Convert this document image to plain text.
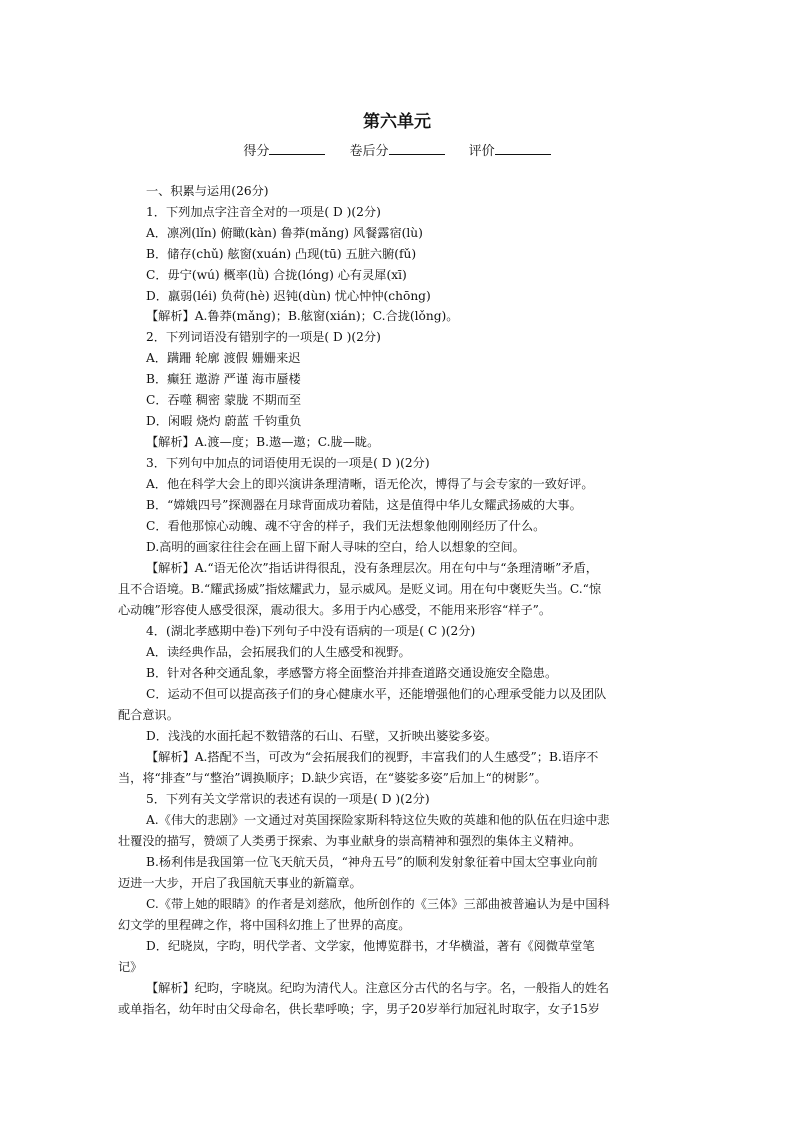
第六单元
得分	卷后分	评价
一、积累与运用(26分)
1．下列加点字注音全对的一项是( D )(2分)
A．凛冽(lǐn) 俯瞰(kàn) 鲁莽(mǎng) 风餐露宿(lù)
B．储存(chǔ) 舷窗(xuán) 凸现(tū) 五脏六腑(fǔ)
C．毋宁(wú) 概率(lǜ) 合拢(lóng) 心有灵犀(xī)
D．羸弱(léi) 负荷(hè) 迟钝(dùn) 忧心忡忡(chōng)
【解析】A.鲁莽(mǎng)；B.舷窗(xián)；C.合拢(lǒng)。
2．下列词语没有错别字的一项是( D )(2分)
A．蹒跚 轮廓 渡假 姗姗来迟
B．癫狂 遨游 严谨 海市蜃楼
C．吞噬 稠密 蒙胧 不期而至
D．闲暇 烧灼 蔚蓝 千钧重负
【解析】A.渡—度；B.遨—遨；C.胧—眬。
3．下列句中加点的词语使用无误的一项是( D )(2分)
A．他在科学大会上的即兴演讲条理清晰，语无伦次，博得了与会专家的一致好评。
B．“嫦娥四号”探测器在月球背面成功着陆，这是值得中华儿女耀武扬威的大事。
C．看他那惊心动魄、魂不守舍的样子，我们无法想象他刚刚经历了什么。
D.高明的画家往往会在画上留下耐人寻味的空白，给人以想象的空间。
【解析】A.“语无伦次”指话讲得很乱，没有条理层次。用在句中与“条理清晰”矛盾，
且不合语境。B.“耀武扬威”指炫耀武力，显示威风。是贬义词。用在句中褒贬失当。C.“惊
心动魄”形容使人感受很深，震动很大。多用于内心感受，不能用来形容“样子”。
4．(湖北孝感期中卷)下列句子中没有语病的一项是( C )(2分)
A．读经典作品，会拓展我们的人生感受和视野。
B．针对各种交通乱象，孝感警方将全面整治并排查道路交通设施安全隐患。
C．运动不但可以提高孩子们的身心健康水平，还能增强他们的心理承受能力以及团队
配合意识。
D．浅浅的水面托起不数错落的石山、石壁，又折映出婆娑多姿。
【解析】A.搭配不当，可改为“会拓展我们的视野，丰富我们的人生感受”；B.语序不
当，将“排查”与“整治”调换顺序；D.缺少宾语，在“婆娑多姿”后加上“的树影”。
5．下列有关文学常识的表述有误的一项是( D )(2分)
A.《伟大的悲剧》一文通过对英国探险家斯科特这位失败的英雄和他的队伍在归途中悲
壮覆没的描写，赞颂了人类勇于探索、为事业献身的崇高精神和强烈的集体主义精神。
B.杨利伟是我国第一位飞天航天员，“神舟五号”的顺利发射象征着中国太空事业向前
迈进一大步，开启了我国航天事业的新篇章。
C.《带上她的眼睛》的作者是刘慈欣，他所创作的《三体》三部曲被普遍认为是中国科
幻文学的里程碑之作，将中国科幻推上了世界的高度。
D．纪晓岚，字昀，明代学者、文学家，他博览群书，才华横溢，著有《阅微草堂笔
记》
【解析】纪昀，字晓岚。纪昀为清代人。注意区分古代的名与字。名，一般指人的姓名
或单指名，幼年时由父母命名，供长辈呼唤；字，男子20岁举行加冠礼时取字，女子15岁
